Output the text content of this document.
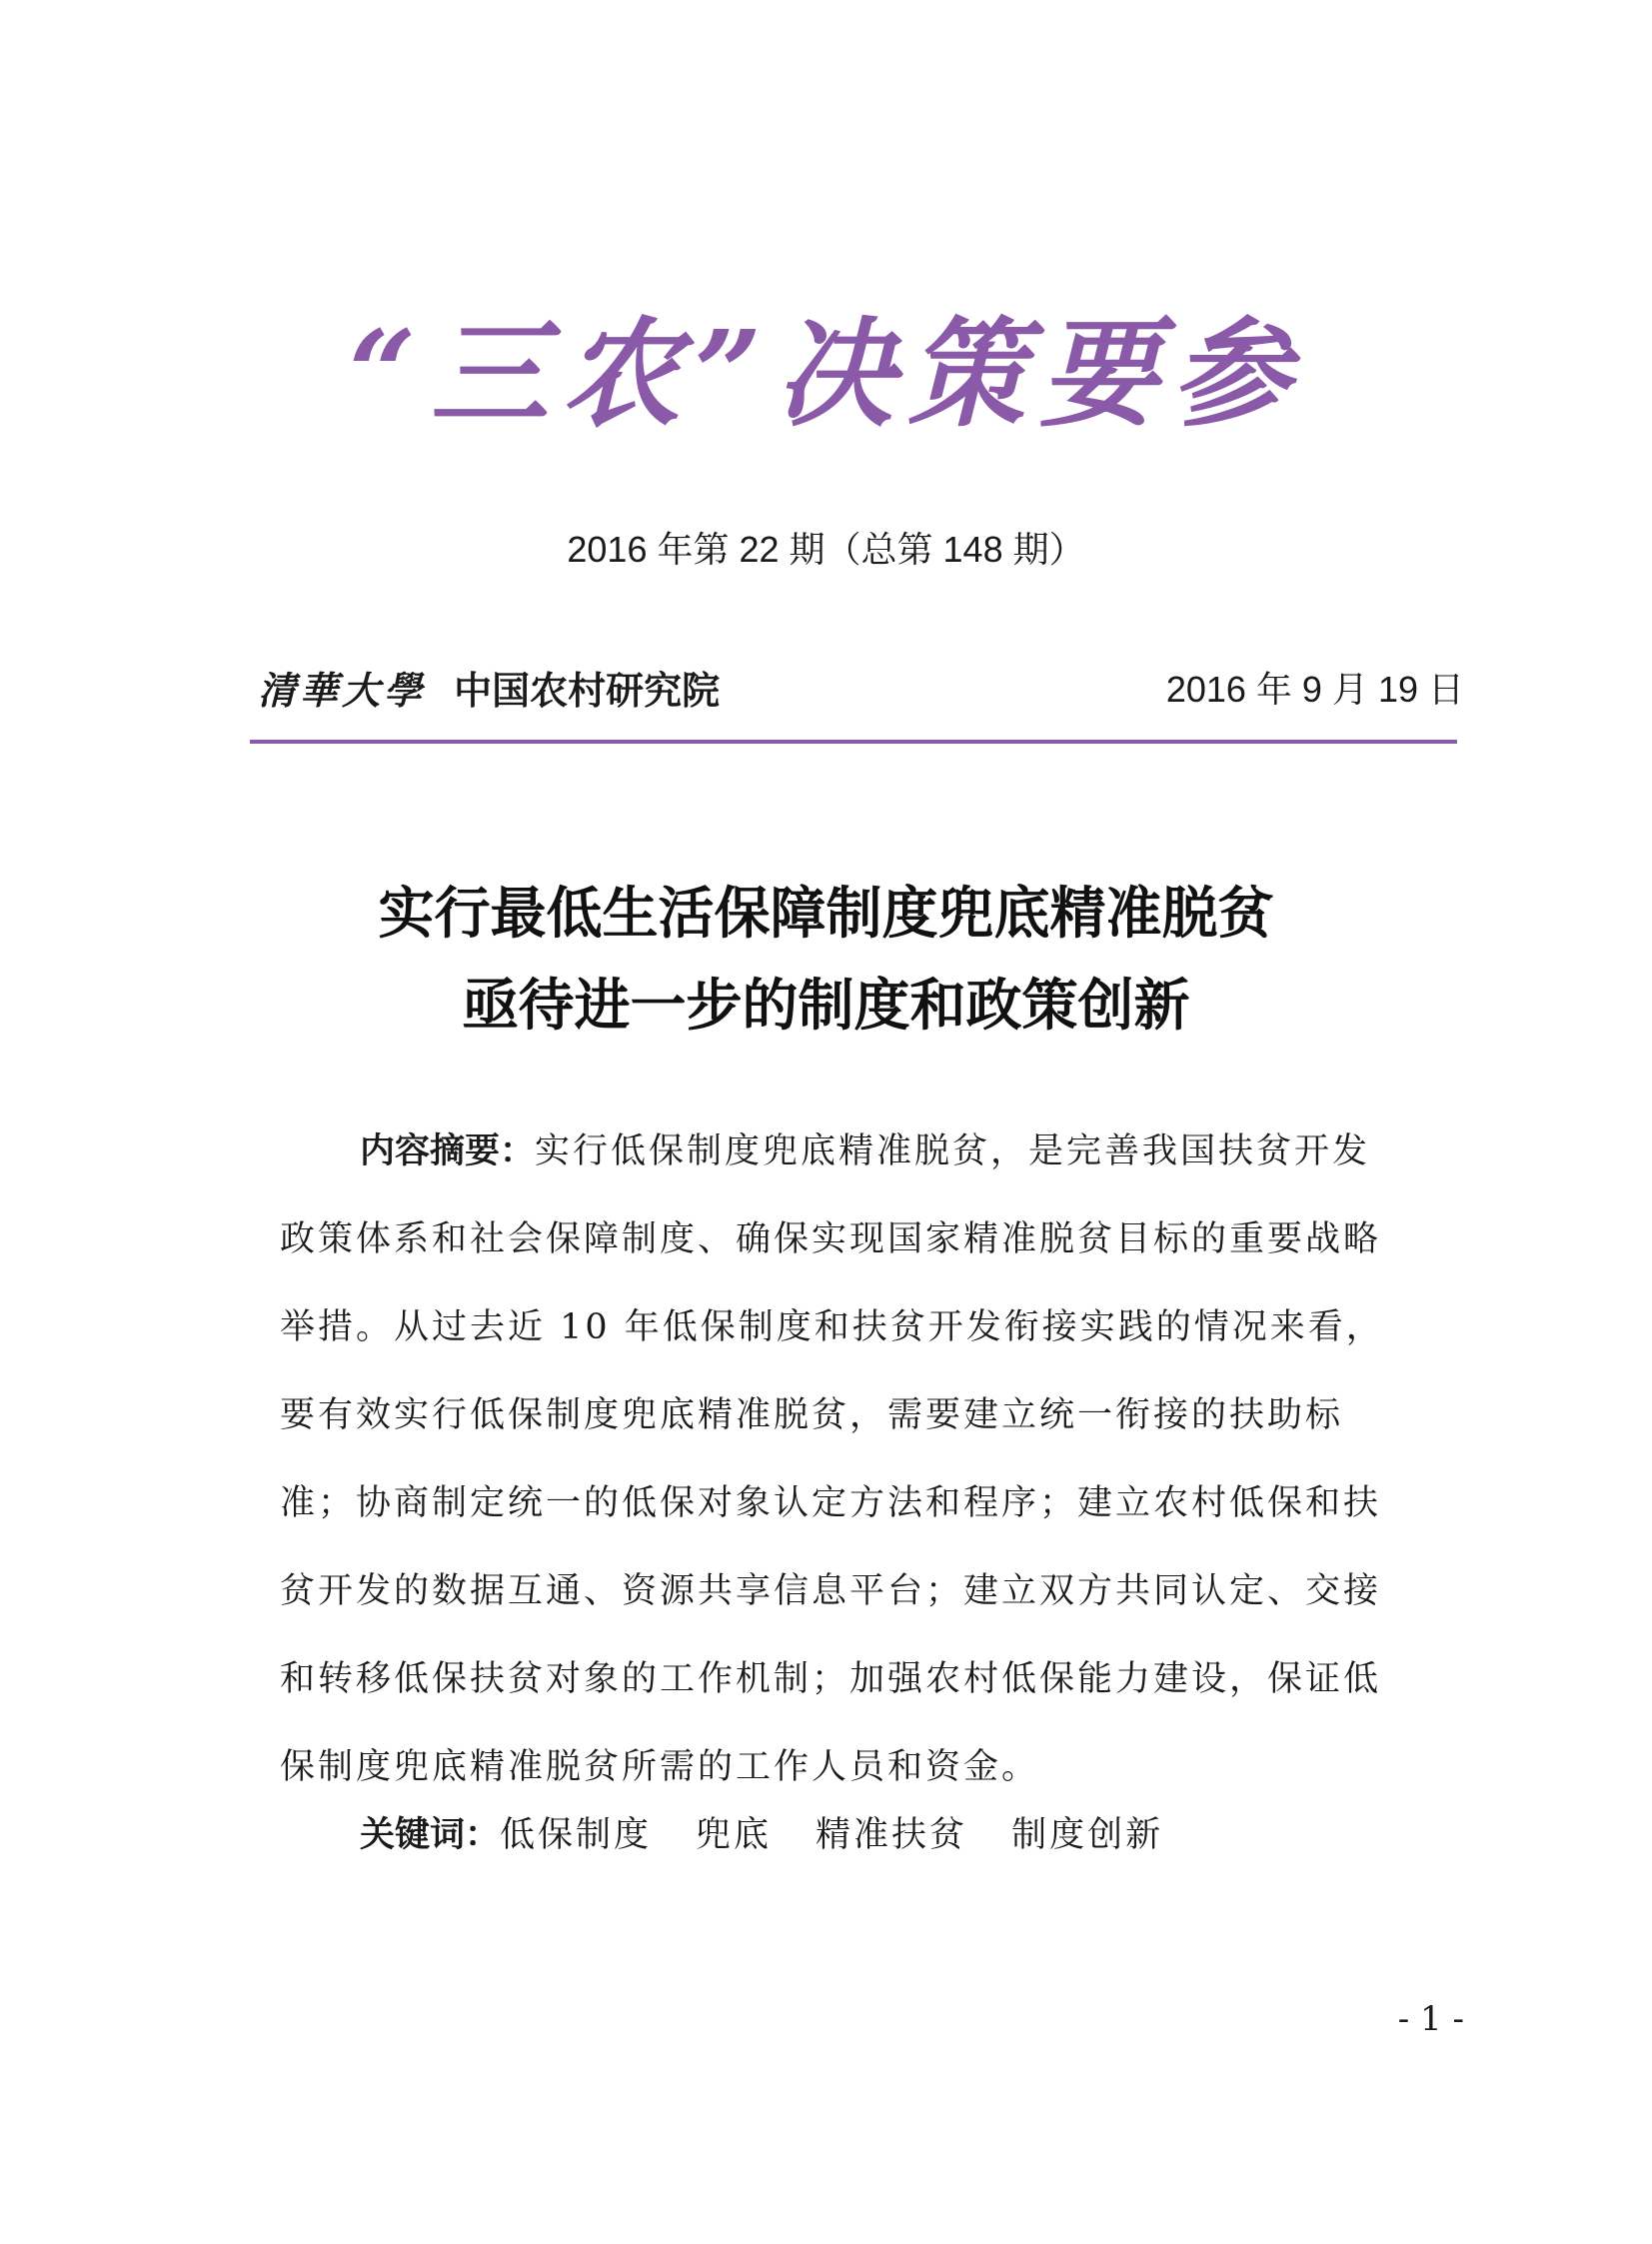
“三农”决策要参
2016 年第 22 期（总第 148 期）
清華大學 中国农村研究院	2016 年 9 月 19 日
实行最低生活保障制度兜底精准脱贫
亟待进一步的制度和政策创新
内容摘要：实行低保制度兜底精准脱贫，是完善我国扶贫开发
政策体系和社会保障制度、确保实现国家精准脱贫目标的重要战略
举措。从过去近 10 年低保制度和扶贫开发衔接实践的情况来看，
要有效实行低保制度兜底精准脱贫，需要建立统一衔接的扶助标
准；协商制定统一的低保对象认定方法和程序；建立农村低保和扶
贫开发的数据互通、资源共享信息平台；建立双方共同认定、交接
和转移低保扶贫对象的工作机制；加强农村低保能力建设，保证低
保制度兜底精准脱贫所需的工作人员和资金。
关键词：低保制度 兜底 精准扶贫 制度创新
- 1 -
